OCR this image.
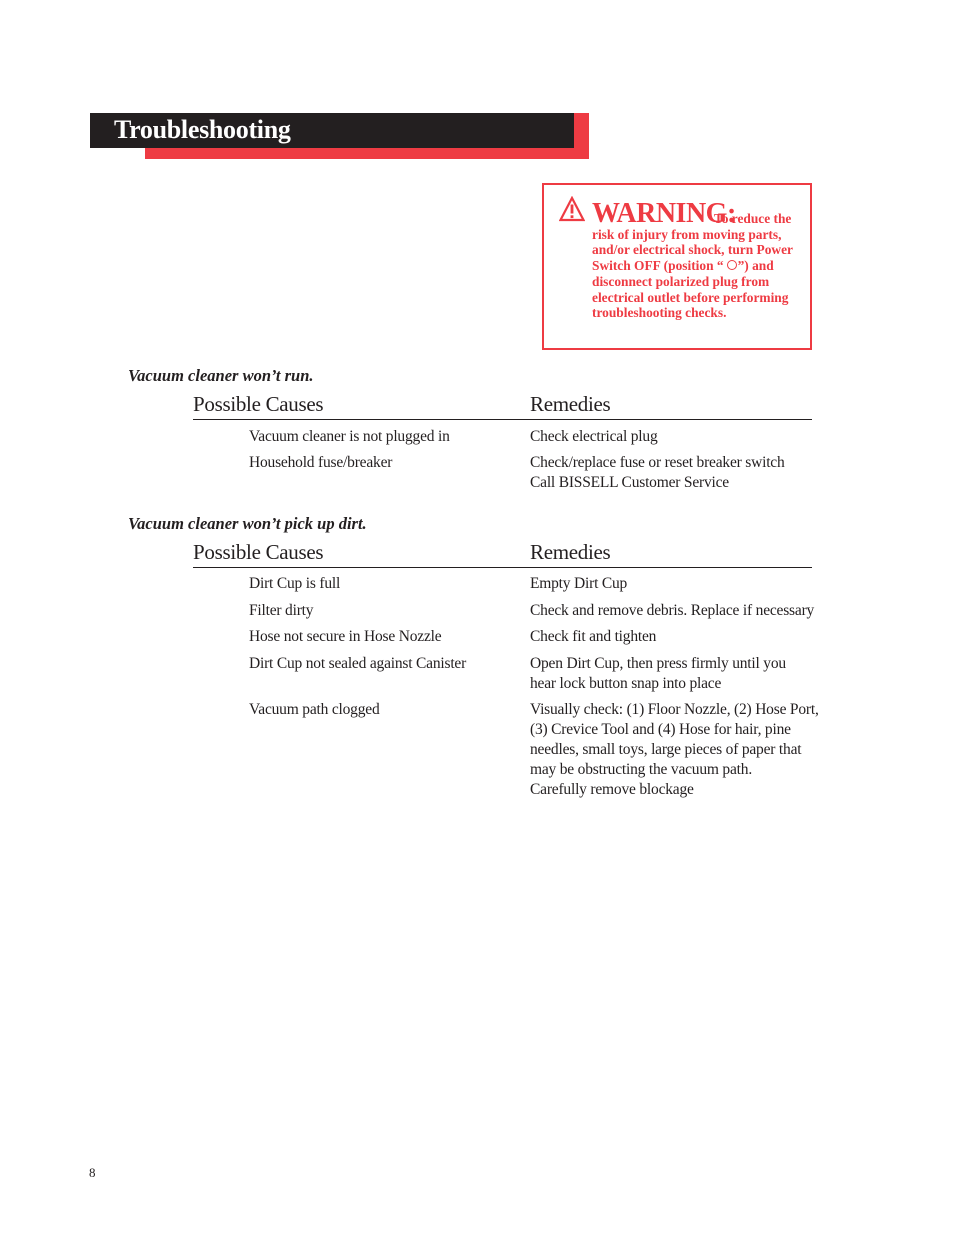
Troubleshooting
WARNING:
To reduce the risk of injury from moving parts, and/or electrical shock, turn Power Switch OFF (position “ ”) and disconnect polarized plug from electrical outlet before performing troubleshooting checks.
Vacuum cleaner won’t run.
Possible Causes	Remedies
Vacuum cleaner is not plugged in	Check electrical plug
Household fuse/breaker	Check/replace fuse or reset breaker switch
Call BISSELL Customer Service
Vacuum cleaner won’t pick up dirt.
Possible Causes	Remedies
Dirt Cup is full	Empty Dirt Cup
Filter dirty	Check and remove debris. Replace if necessary
Hose not secure in Hose Nozzle	Check fit and tighten
Dirt Cup not sealed against Canister	Open Dirt Cup, then press firmly until you
hear lock button snap into place
Vacuum path clogged	Visually check: (1) Floor Nozzle, (2) Hose Port,
(3) Crevice Tool and (4) Hose for hair, pine
needles, small toys, large pieces of paper that
may be obstructing the vacuum path.
Carefully remove blockage
8
